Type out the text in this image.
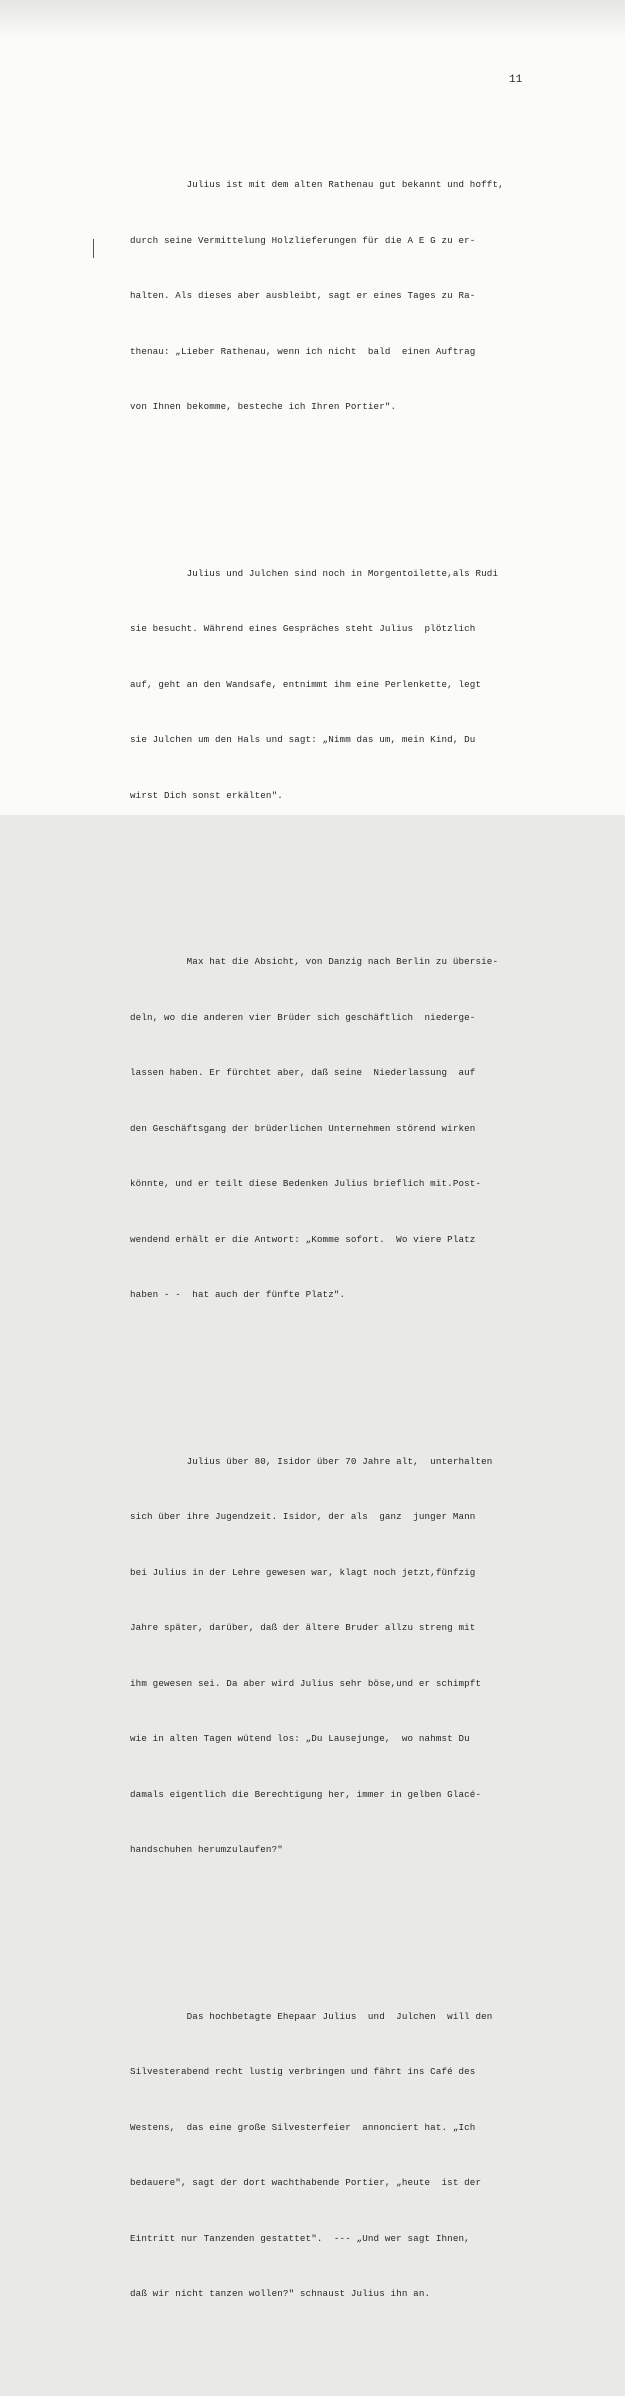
11

Julius ist mit dem alten Rathenau gut bekannt und hofft,

durch seine Vermittelung Holzlieferungen für die A E G zu er-

halten. Als dieses aber ausbleibt, sagt er eines Tages zu Ra-

thenau: „Lieber Rathenau, wenn ich nicht  bald  einen Auftrag

von Ihnen bekomme, besteche ich Ihren Portier".

Julius und Julchen sind noch in Morgentoilette,als Rudi

sie besucht. Während eines Gespräches steht Julius  plötzlich

auf, geht an den Wandsafe, entnimmt ihm eine Perlenkette, legt

sie Julchen um den Hals und sagt: „Nimm das um, mein Kind, Du

wirst Dich sonst erkälten".

Max hat die Absicht, von Danzig nach Berlin zu übersie-

deln, wo die anderen vier Brüder sich geschäftlich  niederge-

lassen haben. Er fürchtet aber, daß seine  Niederlassung  auf

den Geschäftsgang der brüderlichen Unternehmen störend wirken

könnte, und er teilt diese Bedenken Julius brieflich mit.Post-

wendend erhält er die Antwort: „Komme sofort.  Wo viere Platz

haben - -  hat auch der fünfte Platz".

Julius über 80, Isidor über 70 Jahre alt,  unterhalten

sich über ihre Jugendzeit. Isidor, der als  ganz  junger Mann

bei Julius in der Lehre gewesen war, klagt noch jetzt,fünfzig

Jahre später, darüber, daß der ältere Bruder allzu streng mit

ihm gewesen sei. Da aber wird Julius sehr böse,und er schimpft

wie in alten Tagen wütend los: „Du Lausejunge,  wo nahmst Du

damals eigentlich die Berechtigung her, immer in gelben Glacé-

handschuhen herumzulaufen?"

Das hochbetagte Ehepaar Julius  und  Julchen  will den

Silvesterabend recht lustig verbringen und fährt ins Café des

Westens,  das eine große Silvesterfeier  annonciert hat. „Ich

bedauere", sagt der dort wachthabende Portier, „heute  ist der

Eintritt nur Tanzenden gestattet".  --- „Und wer sagt Ihnen,

daß wir nicht tanzen wollen?" schnaust Julius ihn an.
